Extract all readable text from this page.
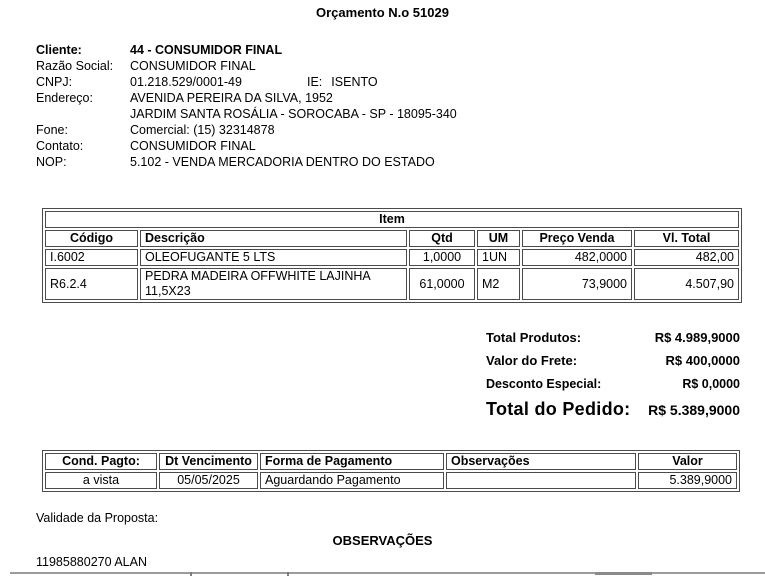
Orçamento N.o 51029
Cliente:	44 - CONSUMIDOR FINAL
Razão Social:	CONSUMIDOR FINAL
CNPJ:	01.218.529/0001-49	IE: ISENTO
Endereço:	AVENIDA PEREIRA DA SILVA, 1952
JARDIM SANTA ROSÁLIA - SOROCABA - SP - 18095-340
Fone:	Comercial: (15) 32314878
Contato:	CONSUMIDOR FINAL
NOP:	5.102 - VENDA MERCADORIA DENTRO DO ESTADO
Item					
Código	Descrição	Qtd	UM	Preço Venda	Vl. Total
I.6002	OLEOFUGANTE 5 LTS	1,0000	1UN	482,0000	482,00
R6.2.4	PEDRA MADEIRA OFFWHITE LAJINHA 11,5X23	61,0000	M2	73,9000	4.507,90
Total Produtos:	R$ 4.989,9000
Valor do Frete:	R$ 400,0000
Desconto Especial:	R$ 0,0000
Total do Pedido: R$ 5.389,9000
Cond. Pagto:	Dt Vencimento	Forma de Pagamento	Observações	Valor
a vista	05/05/2025	Aguardando Pagamento		5.389,9000
Validade da Proposta:
OBSERVAÇÕES
11985880270 ALAN
